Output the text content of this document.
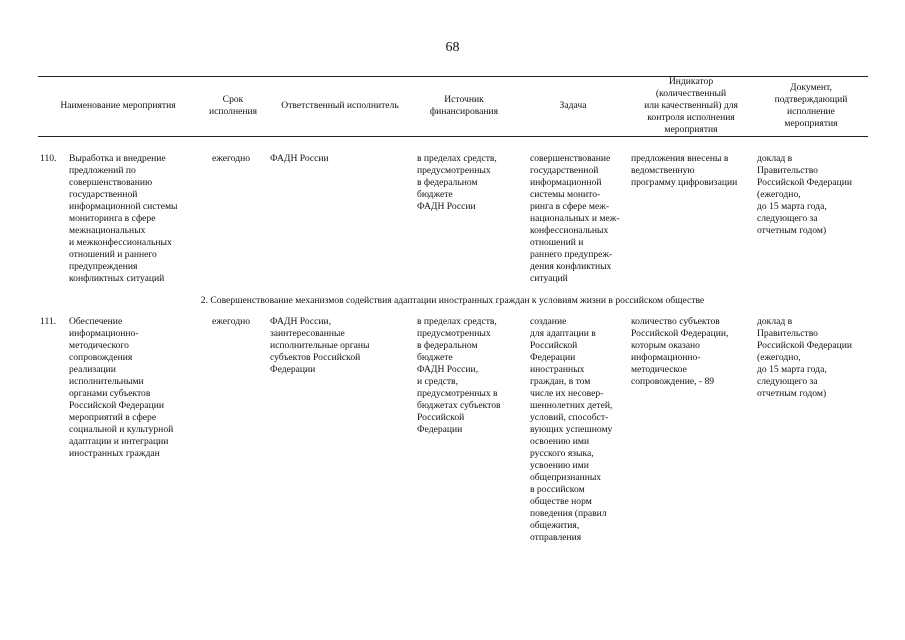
68
Наименование мероприятия
Срок
исполнения
Ответственный исполнитель
Источник
финансирования
Задача
Индикатор
(количественный
или качественный) для
контроля исполнения
мероприятия
Документ,
подтверждающий
исполнение
мероприятия
110. Выработка и внедрение
предложений по
совершенствованию
государственной
информационной системы
мониторинга в сфере
межнациональных
и межконфессиональных
отношений и раннего
предупреждения
конфликтных ситуаций
ежегодно ФАДН России	в пределах средств,
предусмотренных
в федеральном
бюджете
ФАДН России
совершенствование
государственной
информационной
системы монито-
ринга в сфере меж-
национальных и меж-
конфессиональных
отношений и
раннего предупреж-
дения конфликтных
ситуаций
предложения внесены в
ведомственную
программу цифровизации
доклад в
Правительство
Российской Федерации
(ежегодно,
до 15 марта года,
следующего за
отчетным годом)
2. Совершенствование механизмов содействия адаптации иностранных граждан к условиям жизни в российском обществе
111. Обеспечение
информационно-
методического
сопровождения
реализации
исполнительными
органами субъектов
Российской Федерации
мероприятий в сфере
социальной и культурной
адаптации и интеграции
иностранных граждан
ежегодно ФАДН России,
заинтересованные
исполнительные органы
субъектов Российской
Федерации
в пределах средств,
предусмотренных
в федеральном
бюджете
ФАДН России,
и средств,
предусмотренных в
бюджетах субъектов
Российской
Федерации
создание
для адаптации в
Российской
Федерации
иностранных
граждан, в том
числе их несовер-
шеннолетних детей,
условий, способст-
вующих успешному
освоению ими
русского языка,
усвоению ими
общепризнанных
в российском
обществе норм
поведения (правил
общежития,
отправления
количество субъектов
Российской Федерации,
которым оказано
информационно-
методическое
сопровождение, - 89
доклад в
Правительство
Российской Федерации
(ежегодно,
до 15 марта года,
следующего за
отчетным годом)
